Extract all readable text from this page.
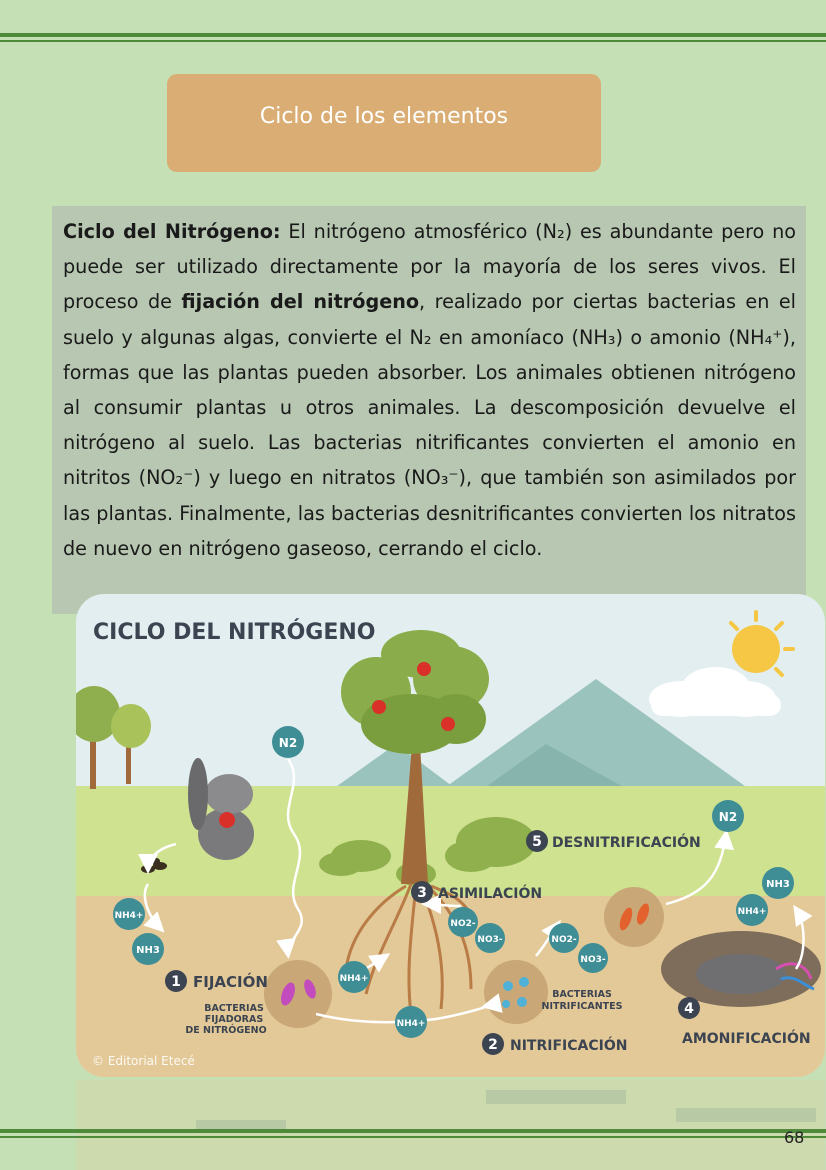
Ciclo de los elementos

Ciclo del Nitrógeno: El nitrógeno atmosférico (N₂) es abundante pero no puede ser utilizado directamente por la mayoría de los seres vivos. El proceso de fijación del nitrógeno, realizado por ciertas bacterias en el suelo y algunas algas, convierte el N₂ en amoníaco (NH₃) o amonio (NH₄⁺), formas que las plantas pueden absorber. Los animales obtienen nitrógeno al consumir plantas u otros animales. La descomposición devuelve el nitrógeno al suelo. Las bacterias nitrificantes convierten el amonio en nitritos (NO₂⁻) y luego en nitratos (NO₃⁻), que también son asimilados por las plantas. Finalmente, las bacterias desnitrificantes convierten los nitratos de nuevo en nitrógeno gaseoso, cerrando el ciclo.

N2
N2
NH4+
NH3
NH4+
NH4+
NO2-
NO3-	NO2-
NO3-
NH3
NH4+
CICLO DEL NITRÓGENO
1 FIJACIÓN
BACTERIAS
FIJADORAS
DE NITRÓGENO
2 NITRIFICACIÓN
BACTERIAS
NITRIFICANTES
3 ASIMILACIÓN
4
AMONIFICACIÓN
5 DESNITRIFICACIÓN
© Editorial Etecé
68
